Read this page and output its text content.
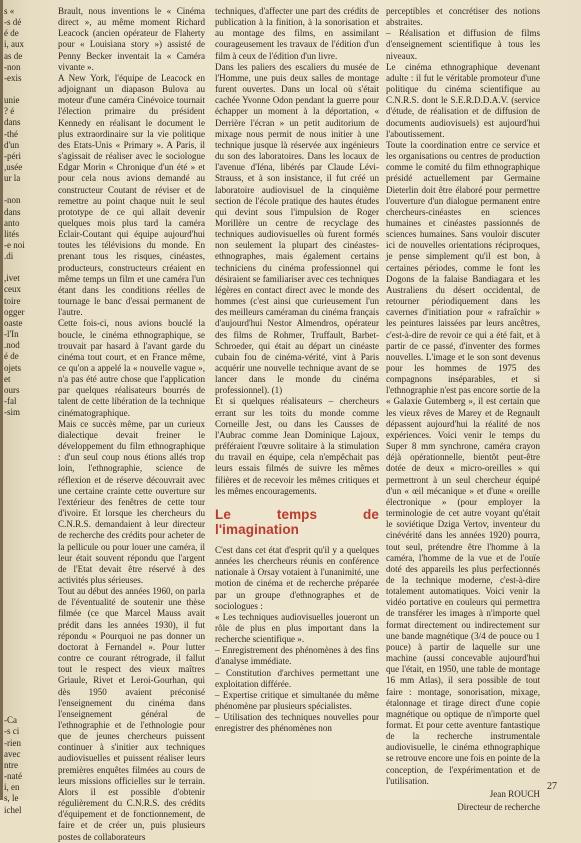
» s
s dé-
é de
i, aux
as de
non-
exis-

unie
é ?
dans
thé-
d'un
péri-
usée,
ur la

non-
dans
anto
lités
e noi-
di.

ivet,
ceux
toire
ogger
oaste
l'In-
nod.
é de
ojets
et
ours
fal-
sim-

Ca-
s ci-
rien-
avec
ntre
naté-
i, en
s, le
ichel

Brault, nous inventions le « Cinéma direct », au même moment Richard Leacock (ancien opérateur de Flaherty pour « Louisiana story ») assisté de Penny Becker inventait la « Caméra vivante ».

A New York, l'équipe de Leacock en adjoignant un diapason Bulova au moteur d'une caméra Cinévoice tournait l'élection primaire du président Kennedy en réalisant le document le plus extraordinaire sur la vie politique des Etats-Unis « Primary ». A Paris, il s'agissait de réaliser avec le sociologue Edgar Morin « Chronique d'un été » et pour cela nous avions demandé au constructeur Coutant de réviser et de remettre au point chaque nuit le seul prototype de ce qui allait devenir quelques mois plus tard la caméra Eclair-Coutant qui équipe aujourd'hui toutes les télévisions du monde. En prenant tous les risques, cinéastes, producteurs, constructeurs créaient en même temps un film et une caméra l'un étant dans les conditions réelles de tournage le banc d'essai permanent de l'autre.

Cette fois-ci, nous avions bouclé la boucle, le cinéma ethnographique, se trouvait par hasard à l'avant garde du cinéma tout court, et en France même, ce qu'on a appelé la « nouvelle vague », n'a pas été autre chose que l'application par quelques réalisateurs bourrés de talent de cette libération de la technique cinématographique.

Mais ce succès même, par un curieux dialectique devait freiner le développement du film ethnographique : d'un seul coup nous étions allés trop loin, l'ethnographie, science de réflexion et de réserve découvrait avec une certaine crainte cette ouverture sur l'extérieur des fenêtres de cette tour d'ivoire. Et lorsque les chercheurs du C.N.R.S. demandaient à leur directeur de recherche des crédits pour acheter de la pellicule ou pour louer une caméra, il leur était souvent répondu que l'argent de l'Etat devait être réservé à des activités plus sérieuses.

Tout au début des années 1960, on parla de l'éventualité de soutenir une thèse filmée (ce que Marcel Mauss avait prédit dans les années 1930), il fut répondu « Pourquoi ne pas donner un doctorat à Fernandel ». Pour lutter contre ce courant rétrograde, il fallut tout le respect des vieux maîtres Griaule, Rivet et Leroi-Gourhan, qui dès 1950 avaient préconisé l'enseignement du cinéma dans l'enseignement général de l'ethnographie et de l'ethnologie pour que de jeunes chercheurs puissent continuer à s'initier aux techniques audiovisuelles et puissent réaliser leurs premières enquêtes filmées au cours de leurs missions officielles sur le terrain. Alors il est possible d'obtenir régulièrement du C.N.R.S. des crédits d'équipement et de fonctionnement, de faire et de créer un, puis plusieurs postes de collaborateurs

techniques, d'affecter une part des crédits de publication à la finition, à la sonorisation et au montage des films, en assimilant courageusement les travaux de l'édition d'un film à ceux de l'édition d'un livre.

Dans les paliers des escaliers du musée de l'Homme, une puis deux salles de montage furent ouvertes. Dans un local où s'était cachée Yvonne Odon pendant la guerre pour échapper un moment à la déportation, « Derrière l'écran » un petit auditorium de mixage nous permit de nous initier à une technique jusque là réservée aux ingénieurs du son des laboratoires. Dans les locaux de l'avenue d'Iéna, libérés par Claude Lévi-Strauss, et à son insistance, il fut créé un laboratoire audiovisuel de la cinquième section de l'école pratique des hautes études qui devint sous l'impulsion de Roger Morillère un centre de recyclage des techniques audiovisuelles où furent formés non seulement la plupart des cinéastes-ethnographes, mais également certains techniciens du cinéma professionnel qui désiraient se familiariser avec ces techniques légères en contact direct avec le monde des hommes (c'est ainsi que curieusement l'un des meilleurs caméraman du cinéma français d'aujourd'hui Nestor Almendros, opérateur des films de Rohmer, Truffault, Barbet-Schroeder, qui était au départ un cinéaste cubain fou de cinéma-vérité, vint à Paris acquérir une nouvelle technique avant de se lancer dans le monde du cinéma professionnel). (1)

Et si quelques réalisateurs – chercheurs errant sur les toits du monde comme Corneille Jest, ou dans les Causses de l'Aubrac comme Jean Dominique Lajoux, préféraient l'œuvre solitaire à la stimulation du travail en équipe, cela n'empêchait pas leurs essais filmés de suivre les mêmes filières et de recevoir les mêmes critiques et les mêmes encouragements.

Le temps de l'imagination

C'est dans cet état d'esprit qu'il y a quelques années les chercheurs réunis en conférence nationale à Orsay votaient à l'unanimité, une motion de cinéma et de recherche préparée par un groupe d'ethnographes et de sociologues :

« Les techniques audiovisuelles joueront un rôle de plus en plus important dans la recherche scientifique ».

– Enregistrement des phénomènes à des fins d'analyse immédiate.

– Constitution d'archives permettant une exploitation différée.

– Expertise critique et simultanée du même phénomène par plusieurs spécialistes.

– Utilisation des techniques nouvelles pour enregistrer des phénomènes non

perceptibles et concrétiser des notions abstraites.

– Réalisation et diffusion de films d'enseignement scientifique à tous les niveaux.

Le cinéma ethnographique devenant adulte : il fut le véritable promoteur d'une politique du cinéma scientifique au C.N.R.S. dont le S.E.R.D.D.A.V. (service d'étude, de réalisation et de diffusion de documents audiovisuels) est aujourd'hui l'aboutissement.

Toute la coordination entre ce service et les organisations ou centres de production comme le comité du film ethnographique présidé actuellement par Germaine Dieterlin doit être élaboré pour permettre l'ouverture d'un dialogue permanent entre chercheurs-cinéastes en sciences humaines et cinéastes passionnés de sciences humaines. Sans vouloir discuter ici de nouvelles orientations réciproques, je pense simplement qu'il est bon, à certaines périodes, comme le font les Dogons de la falaise Bandiagara et les Australiens du désert occidental, de retourner périodiquement dans les cavernes d'initiation pour « rafraîchir » les peintures laissées par leurs ancêtres, c'est-à-dire de revoir ce qui a été fait, et à partir de ce passé, d'inventer des formes nouvelles. L'image et le son sont devenus pour les hommes de 1975 des compagnons inséparables, et si l'ethnographie n'est pas encore sortie de la « Galaxie Gutemberg », il est certain que les vieux rêves de Marey et de Regnault dépassent aujourd'hui la réalité de nos expériences. Voici venir le temps du Super 8 mm synchrone, caméra crayon déjà opérationnelle, bientôt peut-être dotée de deux « micro-oreilles » qui permettront à un seul chercheur équipé d'un « œil mécanique » et d'une « oreille électronique » (pour employer la terminologie de cet autre voyant qu'était le soviétique Dziga Vertov, inventeur du cinévérité dans les années 1920) pourra, tout seul, prétendre être l'homme à la caméra, l'homme de la vue et de l'ouïe doté des appareils les plus perfectionnés de la technique moderne, c'est-à-dire totalement automatiques. Voici venir la vidéo portative en couleurs qui permettra de transférer les images à n'importe quel format directement ou indirectement sur une bande magnétique (3/4 de pouce ou 1 pouce) à partir de laquelle sur une machine (aussi concevable aujourd'hui que l'était, en 1950, une table de montage 16 mm Atlas), il sera possible de tout faire : montage, sonorisation, mixage, étalonnage et tirage direct d'une copie magnétique ou optique de n'importe quel format. Et pour cette aventure fantastique de la recherche instrumentale audiovisuelle, le cinéma ethnographique se retrouve encore une fois en pointe de la conception, de l'expérimentation et de l'utilisation.

Jean ROUCH
Directeur de recherche
27
